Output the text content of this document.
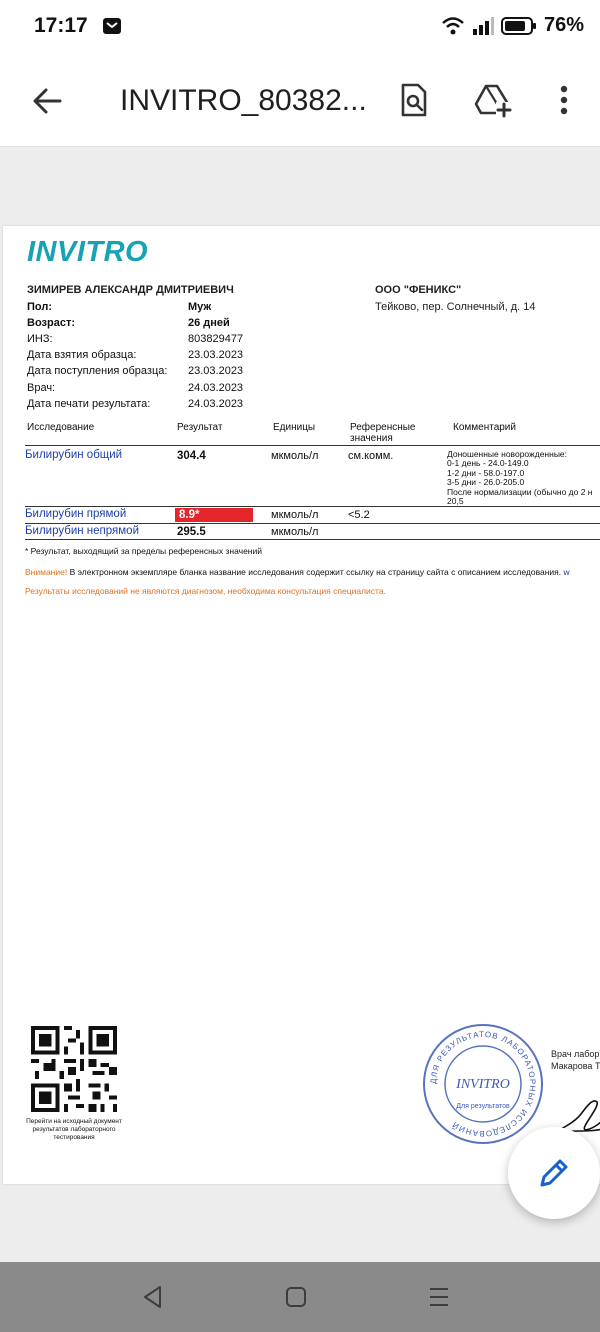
17:17	76%
INVITRO_80382...
INVITRO
ЗИМИРЕВ АЛЕКСАНДР ДМИТРИЕВИЧ
Пол:	Муж
Возраст:	26 дней
ИНЗ:	803829477
Дата взятия образца:	23.03.2023
Дата поступления образца: 23.03.2023
Врач:	24.03.2023
Дата печати результата:	24.03.2023
ООО "ФЕНИКС"
Тейково, пер. Солнечный, д. 14
Исследование	Результат	Единицы	Референсные
значения
Комментарий
Билирубин общий	304.4	мкмоль/л	см.комм.	Доношенные новорожденные:
0-1 день - 24.0-149.0
1-2 дни - 58.0-197.0
3-5 дни - 26.0-205.0
После нормализации (обычно до 2 н
20,5
Билирубин прямой	8.9*	мкмоль/л	<5.2
Билирубин непрямой	295.5	мкмоль/л
* Результат, выходящий за пределы референсных значений
Внимание! В электронном экземпляре бланка название исследования содержит ссылку на страницу сайта с описанием исследования. w
Результаты исследований не являются диагнозом, необходима консультация специалиста.
Перейти на исходный документ результатов лабораторного тестирования
ДЛЯ РЕЗУЛЬТАТОВ ЛАБОРАТОРНЫХ ИССЛЕДОВАНИЙ
INVITRO
Для результатов
Врач лабор
Макарова Т
